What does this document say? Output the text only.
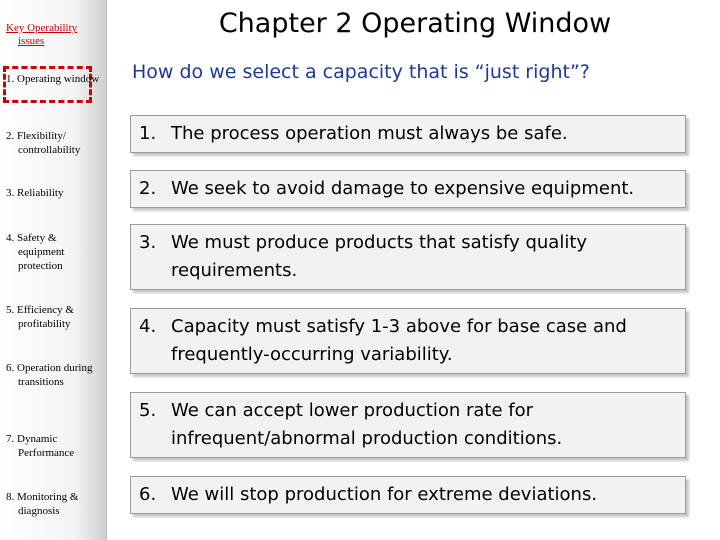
Key Operability issues
1. Operating window
2. Flexibility/ controllability
3. Reliability
4. Safety & equipment protection
5. Efficiency & profitability
6. Operation during transitions
7. Dynamic Performance
8. Monitoring & diagnosis
Chapter 2 Operating Window
How do we select a capacity that is “just right”?
1. The process operation must always be safe.
2. We seek to avoid damage to expensive equipment.
3. We must produce products that satisfy quality requirements.
4. Capacity must satisfy 1-3 above for base case and frequently-occurring variability.
5. We can accept lower production rate for infrequent/abnormal production conditions.
6. We will stop production for extreme deviations.
